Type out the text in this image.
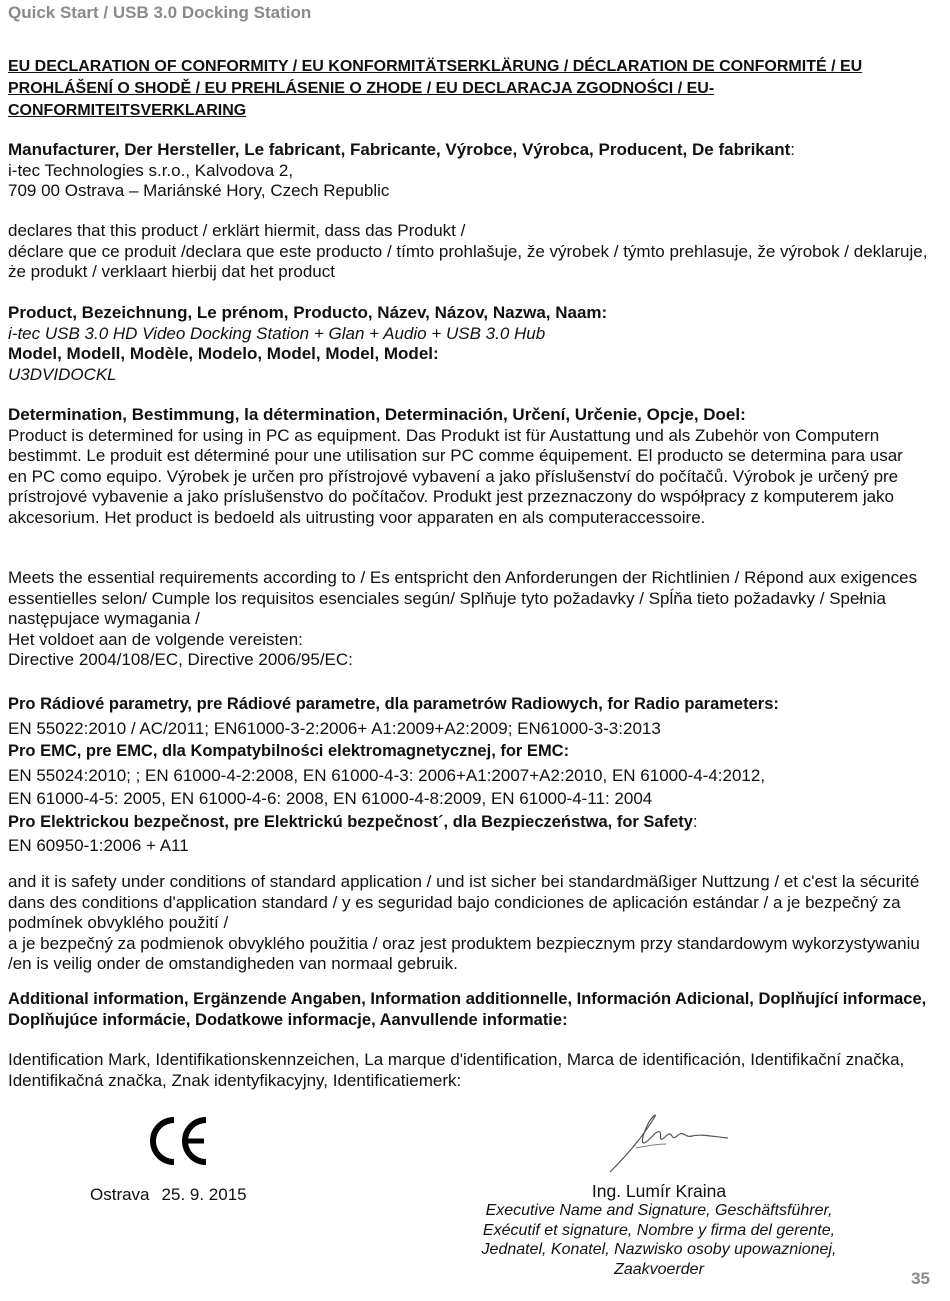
Quick Start / USB 3.0 Docking Station
EU DECLARATION OF CONFORMITY / EU KONFORMITÄTSERKLÄRUNG / DÉCLARATION DE CONFORMITÉ / EU PROHLÁŠENÍ O SHODĚ / EU PREHLÁSENIE O ZHODE / EU DECLARACJA ZGODNOŚCI / EU-CONFORMITEITSVERKLARING
Manufacturer, Der Hersteller, Le fabricant, Fabricante, Výrobce, Výrobca, Producent, De fabrikant:
i-tec Technologies s.r.o., Kalvodova 2,
709 00 Ostrava – Mariánské Hory, Czech Republic
declares that this product / erklärt hiermit, dass das Produkt /
déclare que ce produit /declara que este producto / tímto prohlašuje, že výrobek / týmto prehlasuje, že výrobok / deklaruje, że produkt / verklaart hierbij dat het product
Product, Bezeichnung, Le prénom, Producto, Název, Názov, Nazwa, Naam:
i-tec USB 3.0 HD Video Docking Station + Glan + Audio + USB 3.0 Hub
Model, Modell, Modèle, Modelo, Model, Model, Model:
U3DVIDOCKL
Determination, Bestimmung, la détermination, Determinación, Určení, Určenie, Opcje, Doel:
Product is determined for using in PC as equipment. Das Produkt ist für Austattung und als Zubehör von Computern bestimmt. Le produit est déterminé pour une utilisation sur PC comme équipement. El producto se determina para usar en PC como equipo. Výrobek je určen pro přístrojové vybavení a jako příslušenství do počítačů. Výrobok je určený pre prístrojové vybavenie a jako príslušenstvo do počítačov. Produkt jest przeznaczony do współpracy z komputerem jako akcesorium. Het product is bedoeld als uitrusting voor apparaten en als computeraccessoire.
Meets the essential requirements according to / Es entspricht den Anforderungen der Richtlinien / Répond aux exigences essentielles selon/ Cumple los requisitos esenciales según/ Splňuje tyto požadavky / Spĺňa tieto požadavky / Spełnia następujace wymagania /
Het voldoet aan de volgende vereisten:
Directive 2004/108/EC, Directive 2006/95/EC:
Pro Rádiové parametry, pre Rádiové parametre, dla parametrów Radiowych, for Radio parameters:
EN 55022:2010 / AC/2011; EN61000-3-2:2006+ A1:2009+A2:2009; EN61000-3-3:2013
Pro EMC, pre EMC, dla Kompatybilności elektromagnetycznej, for EMC:
EN 55024:2010; ; EN 61000-4-2:2008, EN 61000-4-3: 2006+A1:2007+A2:2010, EN 61000-4-4:2012,
EN 61000-4-5: 2005, EN 61000-4-6: 2008, EN 61000-4-8:2009, EN 61000-4-11: 2004
Pro Elektrickou bezpečnost, pre Elektrickú bezpečnost´, dla Bezpieczeństwa, for Safety:
EN 60950-1:2006 + A11
and it is safety under conditions of standard application / und ist sicher bei standardmäßiger Nuttzung / et c'est la sécurité dans des conditions d'application standard / y es seguridad bajo condiciones de aplicación estándar / a je bezpečný za podmínek obvyklého použití /
a je bezpečný za podmienok obvyklého použitia / oraz jest produktem bezpiecznym przy standardowym wykorzystywaniu /en is veilig onder de omstandigheden van normaal gebruik.
Additional information, Ergänzende Angaben, Information additionnelle, Información Adicional, Doplňující informace, Doplňujúce informácie, Dodatkowe informacje, Aanvullende informatie:
Identification Mark, Identifikationskennzeichen, La marque d'identification, Marca de identificación, Identifikační značka, Identifikačná značka, Znak identyfikacyjny, Identificatiemerk:
Ostrava 25. 9. 2015	Ing. Lumír Kraina
Executive Name and Signature, Geschäftsführer, Exécutif et signature, Nombre y firma del gerente, Jednatel, Konatel, Nazwisko osoby upowaznionej, Zaakvoerder	35
